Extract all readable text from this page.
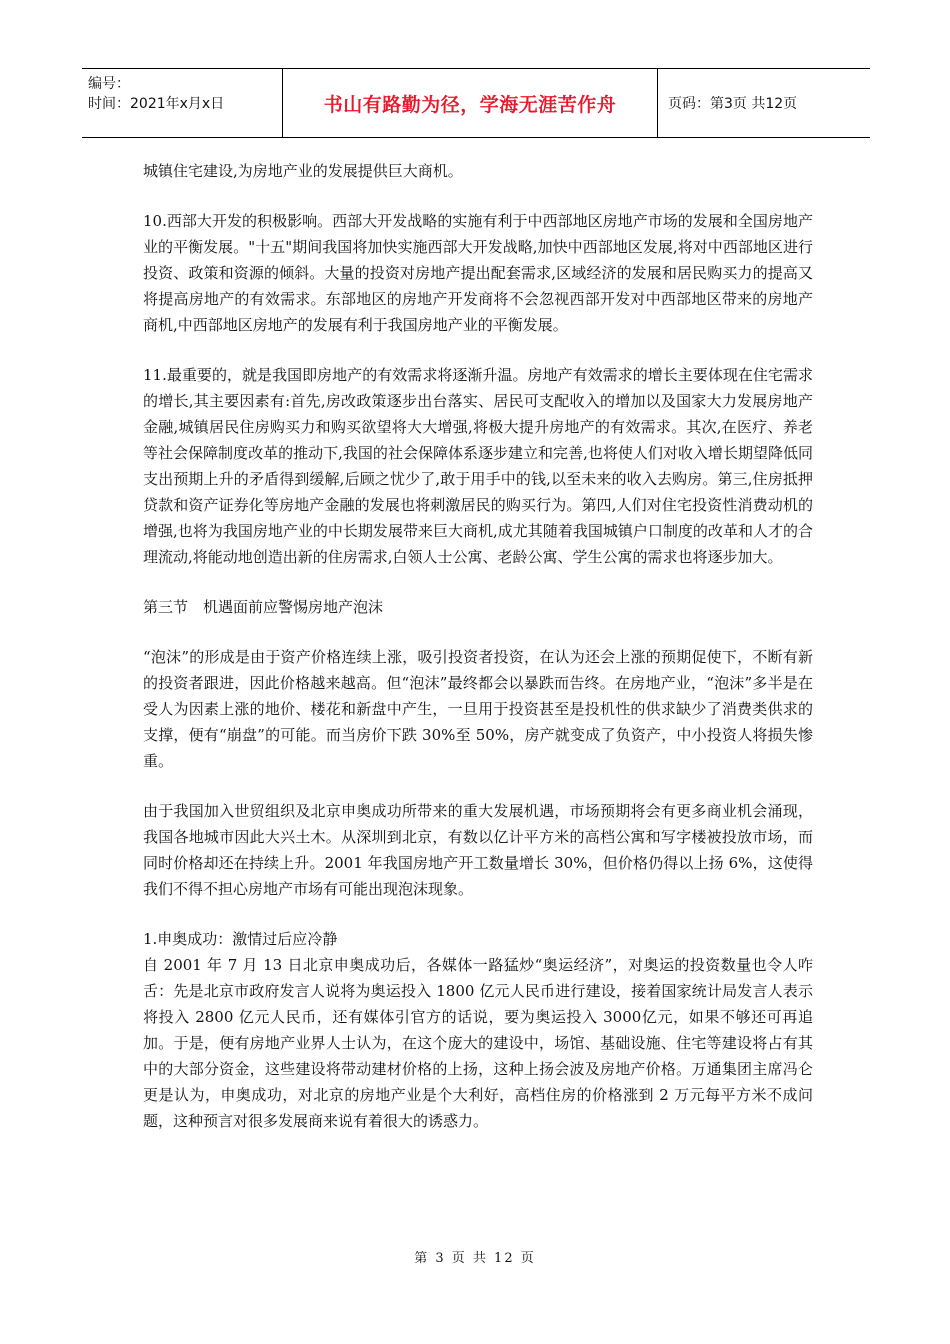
编号：
时间：2021年x月x日	书山有路勤为径，学海无涯苦作舟	页码：第3页 共12页

城镇住宅建设,为房地产业的发展提供巨大商机。

10.西部大开发的积极影响。西部大开发战略的实施有利于中西部地区房地产市场的发展和全国房地产业的平衡发展。"十五"期间我国将加快实施西部大开发战略,加快中西部地区发展,将对中西部地区进行投资、政策和资源的倾斜。大量的投资对房地产提出配套需求,区域经济的发展和居民购买力的提高又将提高房地产的有效需求。东部地区的房地产开发商将不会忽视西部开发对中西部地区带来的房地产商机,中西部地区房地产的发展有利于我国房地产业的平衡发展。

11.最重要的，就是我国即房地产的有效需求将逐渐升温。房地产有效需求的增长主要体现在住宅需求的增长,其主要因素有:首先,房改政策逐步出台落实、居民可支配收入的增加以及国家大力发展房地产金融,城镇居民住房购买力和购买欲望将大大增强,将极大提升房地产的有效需求。其次,在医疗、养老等社会保障制度改革的推动下,我国的社会保障体系逐步建立和完善,也将使人们对收入增长期望降低同支出预期上升的矛盾得到缓解,后顾之忧少了,敢于用手中的钱,以至未来的收入去购房。第三,住房抵押贷款和资产证券化等房地产金融的发展也将刺激居民的购买行为。第四,人们对住宅投资性消费动机的增强,也将为我国房地产业的中长期发展带来巨大商机,成尤其随着我国城镇户口制度的改革和人才的合理流动,将能动地创造出新的住房需求,白领人士公寓、老龄公寓、学生公寓的需求也将逐步加大。

第三节　机遇面前应警惕房地产泡沫

“泡沫”的形成是由于资产价格连续上涨，吸引投资者投资，在认为还会上涨的预期促使下，不断有新的投资者跟进，因此价格越来越高。但“泡沫”最终都会以暴跌而告终。在房地产业，“泡沫”多半是在受人为因素上涨的地价、楼花和新盘中产生，一旦用于投资甚至是投机性的供求缺少了消费类供求的支撑，便有“崩盘”的可能。而当房价下跌 30%至 50%，房产就变成了负资产，中小投资人将损失惨重。

由于我国加入世贸组织及北京申奥成功所带来的重大发展机遇，市场预期将会有更多商业机会涌现，我国各地城市因此大兴土木。从深圳到北京，有数以亿计平方米的高档公寓和写字楼被投放市场，而同时价格却还在持续上升。2001 年我国房地产开工数量增长 30%，但价格仍得以上扬 6%，这使得我们不得不担心房地产市场有可能出现泡沫现象。

1.申奥成功：激情过后应冷静

自 2001 年 7 月 13 日北京申奥成功后，各媒体一路猛炒“奥运经济”，对奥运的投资数量也令人咋舌：先是北京市政府发言人说将为奥运投入 1800 亿元人民币进行建设，接着国家统计局发言人表示将投入 2800 亿元人民币，还有媒体引官方的话说，要为奥运投入 3000亿元，如果不够还可再追加。于是，便有房地产业界人士认为，在这个庞大的建设中，场馆、基础设施、住宅等建设将占有其中的大部分资金，这些建设将带动建材价格的上扬，这种上扬会波及房地产价格。万通集团主席冯仑更是认为，申奥成功，对北京的房地产业是个大利好，高档住房的价格涨到 2 万元每平方米不成问题，这种预言对很多发展商来说有着很大的诱惑力。

第 3 页 共 12 页
